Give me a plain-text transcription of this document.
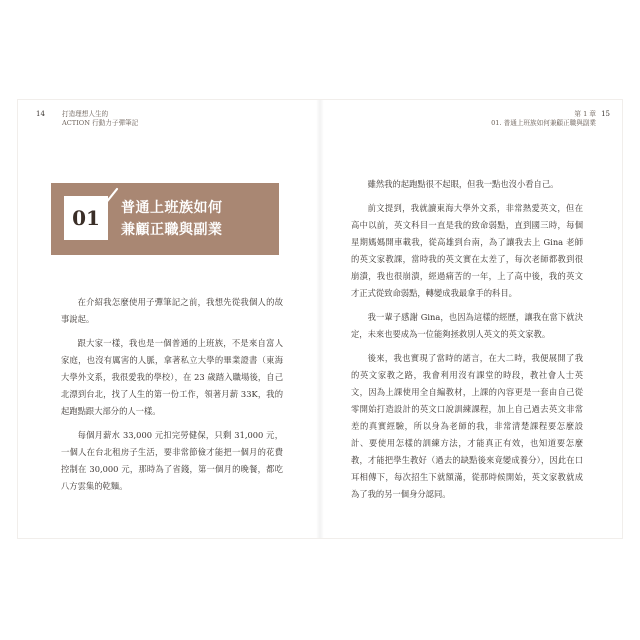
14	打造理想人生的
ACTION 行動力子彈筆記
01	普通上班族如何
兼顧正職與副業

在介紹我怎麼使用子彈筆記之前，我想先從我個人的故事說起。

跟大家一樣，我也是一個普通的上班族，不是來自富人家庭，也沒有厲害的人脈，拿著私立大學的畢業證書（東海大學外文系，我很愛我的學校），在 23 歲踏入職場後，自己北漂到台北，找了人生的第一份工作，領著月薪 33K，我的起跑點跟大部分的人一樣。

每個月薪水 33,000 元扣完勞健保，只剩 31,000 元，一個人在台北租房子生活，要非常節儉才能把一個月的花費控制在 30,000 元，那時為了省錢，第一個月的晚餐，都吃八方雲集的乾麵。

15
第 1 章
01. 普通上班族如何兼顧正職與副業

雖然我的起跑點很不起眼，但我一點也沒小看自己。

前文提到，我就讀東海大學外文系，非常熱愛英文，但在高中以前，英文科目一直是我的致命弱點，直到國三時，每個星期媽媽開車載我，從高雄到台南，為了讓我去上 Gina 老師的英文家教課，當時我的英文實在太差了，每次老師都教到很崩潰，我也很崩潰，經過痛苦的一年，上了高中後，我的英文才正式從致命弱點，轉變成我最拿手的科目。

我一輩子感謝 Gina，也因為這樣的經歷，讓我在當下就決定，未來也要成為一位能夠拯救別人英文的英文家教。

後來，我也實現了當時的諾言，在大二時，我便展開了我的英文家教之路，我會利用沒有課堂的時段，教社會人士英文，因為上課使用全自編教材，上課的內容更是一套由自己從零開始打造設計的英文口說訓練課程，加上自己過去英文非常差的真實經驗，所以身為老師的我，非常清楚課程要怎麼設計、要使用怎樣的訓練方法，才能真正有效，也知道要怎麼教，才能把學生教好（過去的缺點後來竟變成養分），因此在口耳相傳下，每次招生下就額滿，從那時候開始，英文家教就成為了我的另一個身分認同。
